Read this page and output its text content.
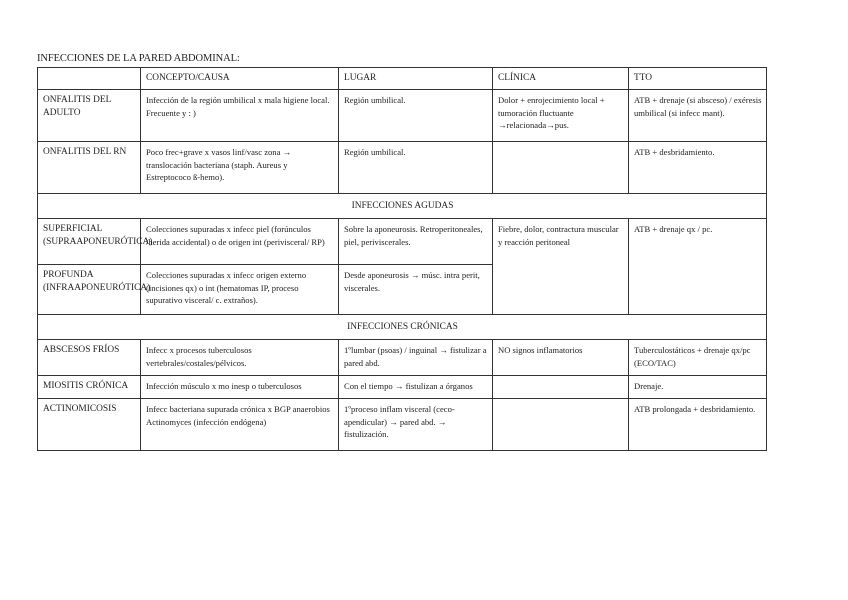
INFECCIONES DE LA PARED ABDOMINAL:
	CONCEPTO/CAUSA	LUGAR	CLÍNICA	TTO
ONFALITIS DEL ADULTO	Infección de la región umbilical x mala higiene local. Frecuente y : )	Región umbilical.	Dolor + enrojecimiento local + tumoración fluctuante →relacionada→pus.	ATB + drenaje (si absceso) / exéresis umbilical (si infecc mant).
ONFALITIS DEL RN	Poco frec+grave x vasos linf/vasc zona → translocación bacteriana (staph. Aureus y Estreptococo ß-hemo).	Región umbilical.		ATB + desbridamiento.
INFECCIONES AGUDAS				
SUPERFICIAL (SUPRAAPONEURÓTICA)	Colecciones supuradas x infecc piel (forúnculos /herida accidental) o de origen int (perivisceral/ RP)	Sobre la aponeurosis. Retroperitoneales, piel, periviscerales.	Fiebre, dolor, contractura muscular y reacción peritoneal	ATB + drenaje qx / pc.
PROFUNDA (INFRAAPONEURÓTICA)	Colecciones supuradas x infecc origen externo (incisiones qx) o int (hematomas IP, proceso supurativo visceral/ c. extraños).	Desde aponeurosis → músc. intra perit, viscerales.		
INFECCIONES CRÓNICAS				
ABSCESOS FRÍOS	Infecc x procesos tuberculosos vertebrales/costales/pélvicos.	1ºlumbar (psoas) / inguinal → fistulizar a pared abd.	NO signos inflamatorios	Tuberculostáticos + drenaje qx/pc (ECO/TAC)
MIOSITIS CRÓNICA	Infección músculo x mo inesp o tuberculosos	Con el tiempo → fistulizan a órganos		Drenaje.
ACTINOMICOSIS	Infecc bacteriana supurada crónica x BGP anaerobios Actinomyces (infección endógena)	1ºproceso inflam visceral (ceco-apendicular) → pared abd. → fistulización.		ATB prolongada + desbridamiento.
